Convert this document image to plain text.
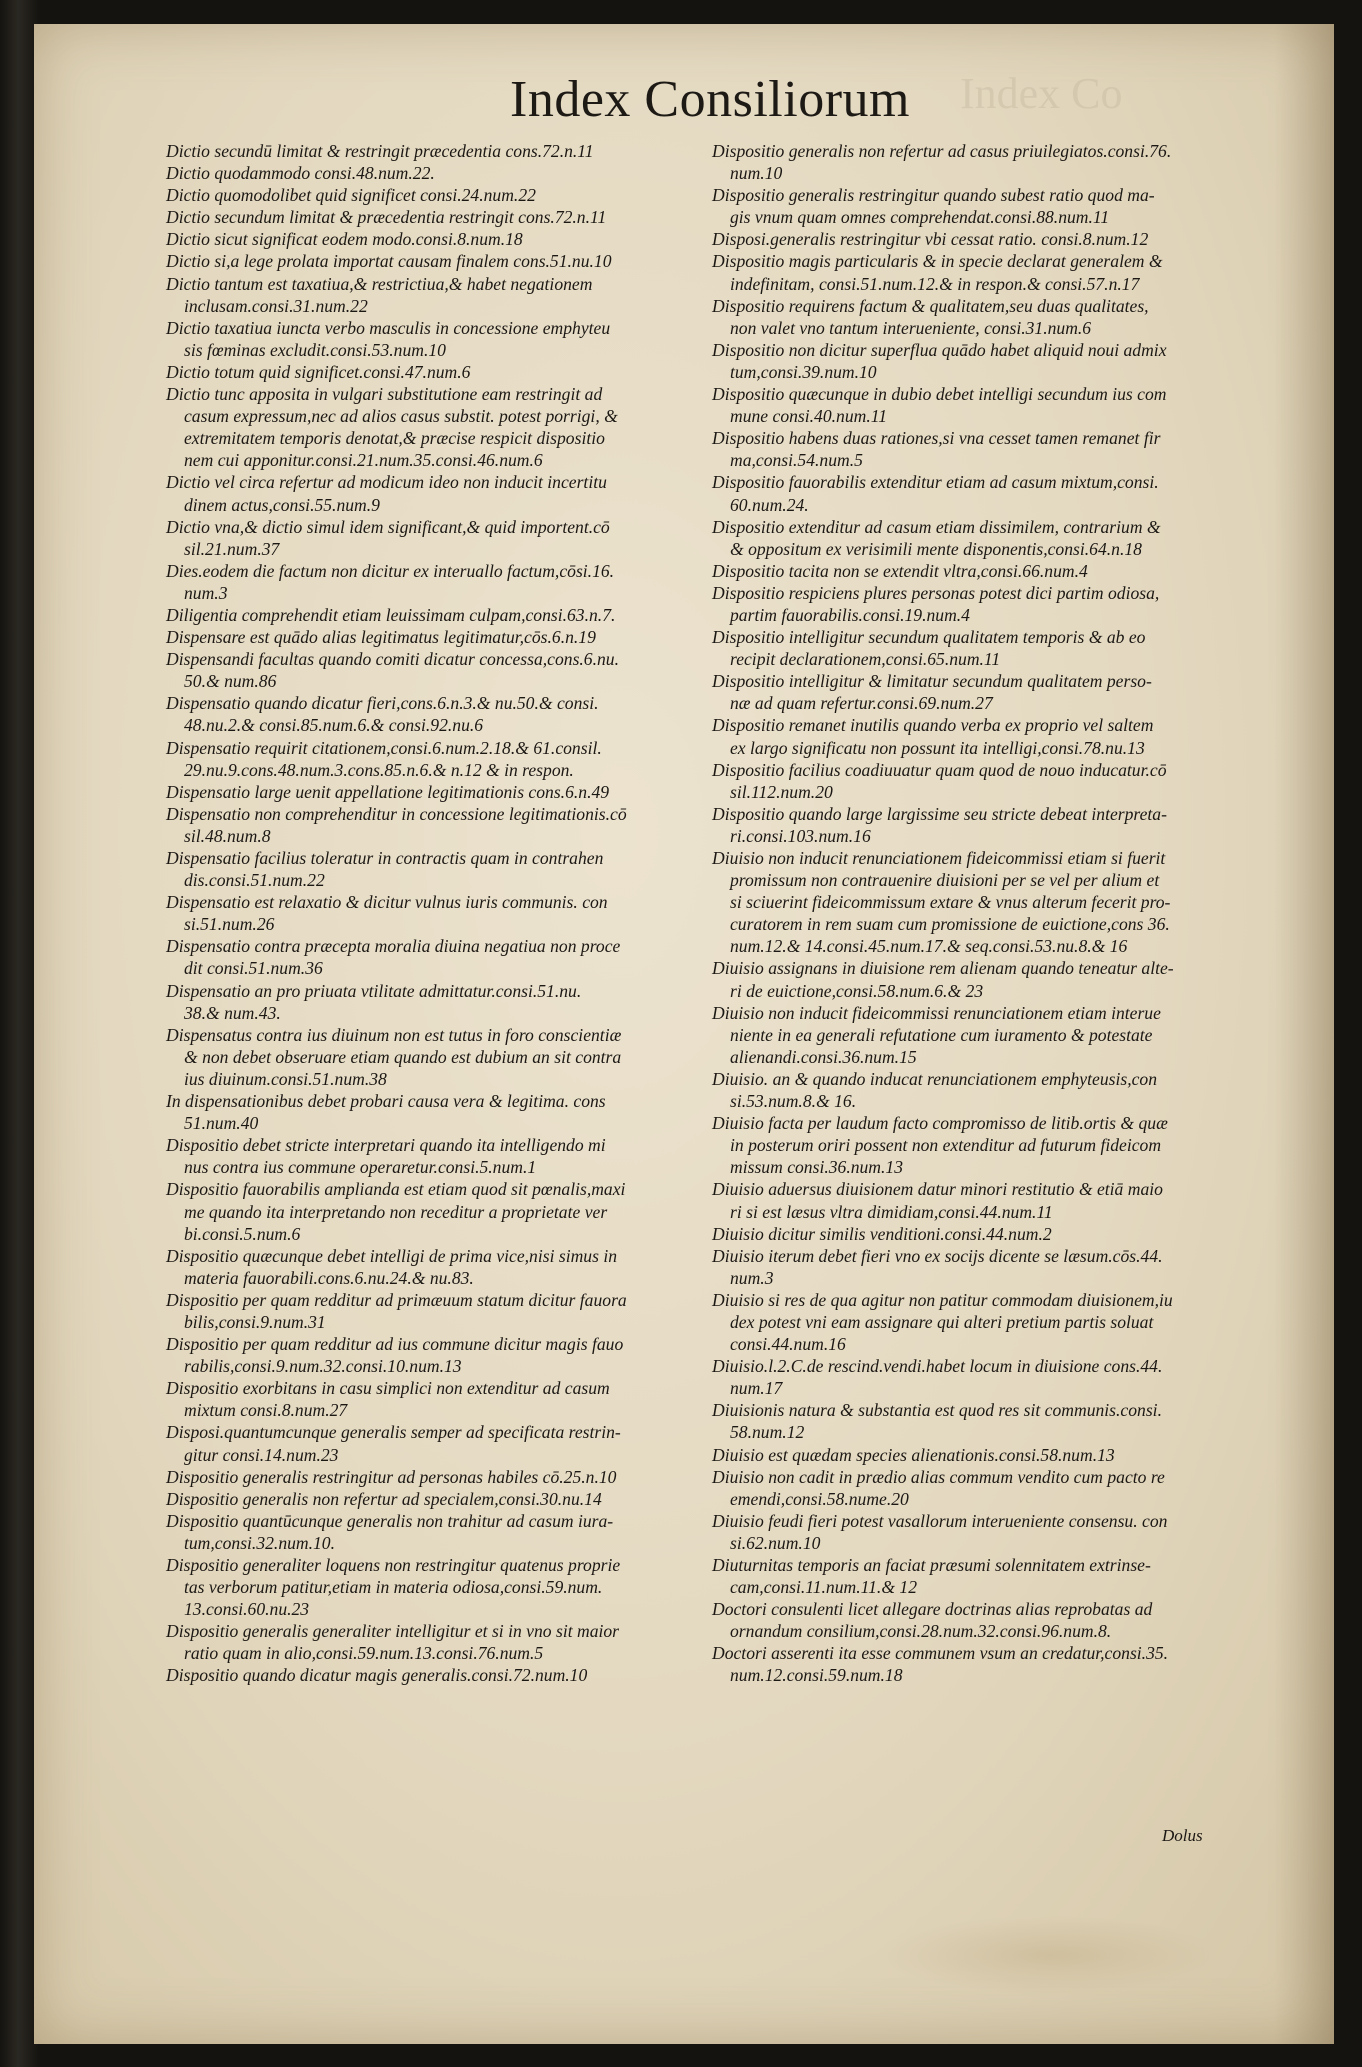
Index Co
Index Consiliorum
Dictio secundū limitat & restringit præcedentia cons.72.n.11
Dictio quodammodo consi.48.num.22.
Dictio quomodolibet quid significet consi.24.num.22
Dictio secundum limitat & præcedentia restringit cons.72.n.11
Dictio sicut significat eodem modo.consi.8.num.18
Dictio si,a lege prolata importat causam finalem cons.51.nu.10
Dictio tantum est taxatiua,& restrictiua,& habet negationem
inclusam.consi.31.num.22
Dictio taxatiua iuncta verbo masculis in concessione emphyteu
sis fœminas excludit.consi.53.num.10
Dictio totum quid significet.consi.47.num.6
Dictio tunc apposita in vulgari substitutione eam restringit ad
casum expressum,nec ad alios casus substit. potest porrigi, &
extremitatem temporis denotat,& præcise respicit dispositio
nem cui apponitur.consi.21.num.35.consi.46.num.6
Dictio vel circa refertur ad modicum ideo non inducit incertitu
dinem actus,consi.55.num.9
Dictio vna,& dictio simul idem significant,& quid importent.cō
sil.21.num.37
Dies.eodem die factum non dicitur ex interuallo factum,cōsi.16.
num.3
Diligentia comprehendit etiam leuissimam culpam,consi.63.n.7.
Dispensare est quādo alias legitimatus legitimatur,cōs.6.n.19
Dispensandi facultas quando comiti dicatur concessa,cons.6.nu.
50.& num.86
Dispensatio quando dicatur fieri,cons.6.n.3.& nu.50.& consi.
48.nu.2.& consi.85.num.6.& consi.92.nu.6
Dispensatio requirit citationem,consi.6.num.2.18.& 61.consil.
29.nu.9.cons.48.num.3.cons.85.n.6.& n.12 & in respon.
Dispensatio large uenit appellatione legitimationis cons.6.n.49
Dispensatio non comprehenditur in concessione legitimationis.cō
sil.48.num.8
Dispensatio facilius toleratur in contractis quam in contrahen
dis.consi.51.num.22
Dispensatio est relaxatio & dicitur vulnus iuris communis. con
si.51.num.26
Dispensatio contra præcepta moralia diuina negatiua non proce
dit consi.51.num.36
Dispensatio an pro priuata vtilitate admittatur.consi.51.nu.
38.& num.43.
Dispensatus contra ius diuinum non est tutus in foro conscientiæ
& non debet obseruare etiam quando est dubium an sit contra
ius diuinum.consi.51.num.38
In dispensationibus debet probari causa vera & legitima. cons
51.num.40
Dispositio debet stricte interpretari quando ita intelligendo mi
nus contra ius commune operaretur.consi.5.num.1
Dispositio fauorabilis amplianda est etiam quod sit pœnalis,maxi
me quando ita interpretando non receditur a proprietate ver
bi.consi.5.num.6
Dispositio quæcunque debet intelligi de prima vice,nisi simus in
materia fauorabili.cons.6.nu.24.& nu.83.
Dispositio per quam redditur ad primæuum statum dicitur fauora
bilis,consi.9.num.31
Dispositio per quam redditur ad ius commune dicitur magis fauo
rabilis,consi.9.num.32.consi.10.num.13
Dispositio exorbitans in casu simplici non extenditur ad casum
mixtum consi.8.num.27
Disposi.quantumcunque generalis semper ad specificata restrin-
gitur consi.14.num.23
Dispositio generalis restringitur ad personas habiles cō.25.n.10
Dispositio generalis non refertur ad specialem,consi.30.nu.14
Dispositio quantūcunque generalis non trahitur ad casum iura-
tum,consi.32.num.10.
Dispositio generaliter loquens non restringitur quatenus proprie
tas verborum patitur,etiam in materia odiosa,consi.59.num.
13.consi.60.nu.23
Dispositio generalis generaliter intelligitur et si in vno sit maior
ratio quam in alio,consi.59.num.13.consi.76.num.5
Dispositio quando dicatur magis generalis.consi.72.num.10
Dispositio generalis non refertur ad casus priuilegiatos.consi.76.
num.10
Dispositio generalis restringitur quando subest ratio quod ma-
gis vnum quam omnes comprehendat.consi.88.num.11
Disposi.generalis restringitur vbi cessat ratio. consi.8.num.12
Dispositio magis particularis & in specie declarat generalem &
indefinitam, consi.51.num.12.& in respon.& consi.57.n.17
Dispositio requirens factum & qualitatem,seu duas qualitates,
non valet vno tantum interueniente, consi.31.num.6
Dispositio non dicitur superflua quādo habet aliquid noui admix
tum,consi.39.num.10
Dispositio quæcunque in dubio debet intelligi secundum ius com
mune consi.40.num.11
Dispositio habens duas rationes,si vna cesset tamen remanet fir
ma,consi.54.num.5
Dispositio fauorabilis extenditur etiam ad casum mixtum,consi.
60.num.24.
Dispositio extenditur ad casum etiam dissimilem, contrarium &
& oppositum ex verisimili mente disponentis,consi.64.n.18
Dispositio tacita non se extendit vltra,consi.66.num.4
Dispositio respiciens plures personas potest dici partim odiosa,
partim fauorabilis.consi.19.num.4
Dispositio intelligitur secundum qualitatem temporis & ab eo
recipit declarationem,consi.65.num.11
Dispositio intelligitur & limitatur secundum qualitatem perso-
næ ad quam refertur.consi.69.num.27
Dispositio remanet inutilis quando verba ex proprio vel saltem
ex largo significatu non possunt ita intelligi,consi.78.nu.13
Dispositio facilius coadiuuatur quam quod de nouo inducatur.cō
sil.112.num.20
Dispositio quando large largissime seu stricte debeat interpreta-
ri.consi.103.num.16
Diuisio non inducit renunciationem fideicommissi etiam si fuerit
promissum non contrauenire diuisioni per se vel per alium et
si sciuerint fideicommissum extare & vnus alterum fecerit pro-
curatorem in rem suam cum promissione de euictione,cons 36.
num.12.& 14.consi.45.num.17.& seq.consi.53.nu.8.& 16
Diuisio assignans in diuisione rem alienam quando teneatur alte-
ri de euictione,consi.58.num.6.& 23
Diuisio non inducit fideicommissi renunciationem etiam interue
niente in ea generali refutatione cum iuramento & potestate
alienandi.consi.36.num.15
Diuisio. an & quando inducat renunciationem emphyteusis,con
si.53.num.8.& 16.
Diuisio facta per laudum facto compromisso de litib.ortis & quæ
in posterum oriri possent non extenditur ad futurum fideicom
missum consi.36.num.13
Diuisio aduersus diuisionem datur minori restitutio & etiā maio
ri si est læsus vltra dimidiam,consi.44.num.11
Diuisio dicitur similis venditioni.consi.44.num.2
Diuisio iterum debet fieri vno ex socijs dicente se læsum.cōs.44.
num.3
Diuisio si res de qua agitur non patitur commodam diuisionem,iu
dex potest vni eam assignare qui alteri pretium partis soluat
consi.44.num.16
Diuisio.l.2.C.de rescind.vendi.habet locum in diuisione cons.44.
num.17
Diuisionis natura & substantia est quod res sit communis.consi.
58.num.12
Diuisio est quædam species alienationis.consi.58.num.13
Diuisio non cadit in prædio alias commum vendito cum pacto re
emendi,consi.58.nume.20
Diuisio feudi fieri potest vasallorum interueniente consensu. con
si.62.num.10
Diuturnitas temporis an faciat præsumi solennitatem extrinse-
cam,consi.11.num.11.& 12
Doctori consulenti licet allegare doctrinas alias reprobatas ad
ornandum consilium,consi.28.num.32.consi.96.num.8.
Doctori asserenti ita esse communem vsum an credatur,consi.35.
num.12.consi.59.num.18
Dolus
